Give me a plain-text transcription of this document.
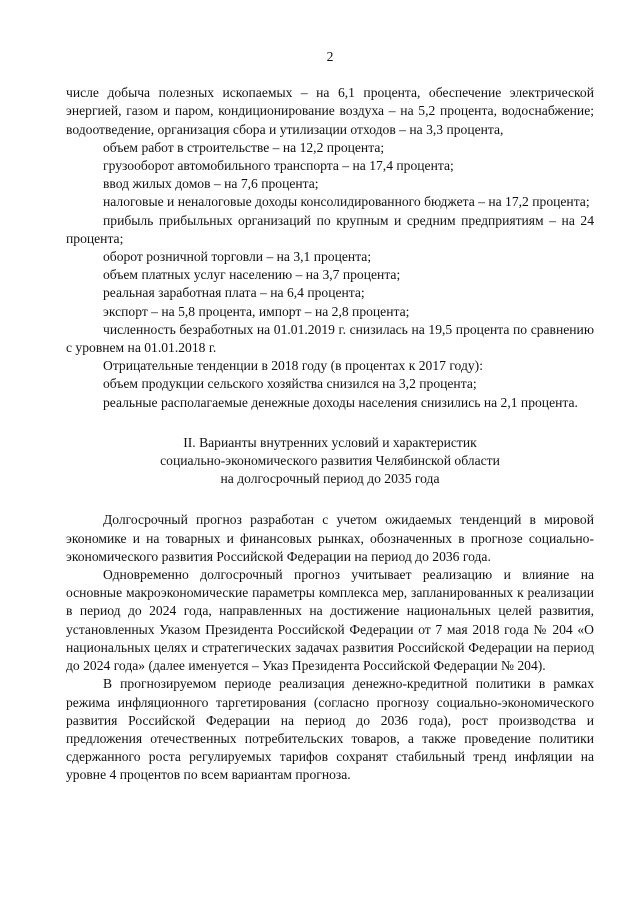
2

числе добыча полезных ископаемых – на 6,1 процента, обеспечение электрической энергией, газом и паром, кондиционирование воздуха – на 5,2 процента, водоснабжение; водоотведение, организация сбора и утилизации отходов – на 3,3 процента,

объем работ в строительстве – на 12,2 процента;

грузооборот автомобильного транспорта – на 17,4 процента;

ввод жилых домов – на 7,6 процента;

налоговые и неналоговые доходы консолидированного бюджета – на 17,2 процента;

прибыль прибыльных организаций по крупным и средним предприятиям – на 24 процента;

оборот розничной торговли – на 3,1 процента;

объем платных услуг населению – на 3,7 процента;

реальная заработная плата – на 6,4 процента;

экспорт – на 5,8 процента, импорт – на 2,8 процента;

численность безработных на 01.01.2019 г. снизилась на 19,5 процента по сравнению с уровнем на 01.01.2018 г.

Отрицательные тенденции в 2018 году (в процентах к 2017 году):

объем продукции сельского хозяйства снизился на 3,2 процента;

реальные располагаемые денежные доходы населения снизились на 2,1 процента.

II. Варианты внутренних условий и характеристик
социально-экономического развития Челябинской области
на долгосрочный период до 2035 года

Долгосрочный прогноз разработан с учетом ожидаемых тенденций в мировой экономике и на товарных и финансовых рынках, обозначенных в прогнозе социально-экономического развития Российской Федерации на период до 2036 года.

Одновременно долгосрочный прогноз учитывает реализацию и влияние на основные макроэкономические параметры комплекса мер, запланированных к реализации в период до 2024 года, направленных на достижение национальных целей развития, установленных Указом Президента Российской Федерации от 7 мая 2018 года № 204 «О национальных целях и стратегических задачах развития Российской Федерации на период до 2024 года» (далее именуется – Указ Президента Российской Федерации № 204).

В прогнозируемом периоде реализация денежно-кредитной политики в рамках режима инфляционного таргетирования (согласно прогнозу социально-экономического развития Российской Федерации на период до 2036 года), рост производства и предложения отечественных потребительских товаров, а также проведение политики сдержанного роста регулируемых тарифов сохранят стабильный тренд инфляции на уровне 4 процентов по всем вариантам прогноза.
